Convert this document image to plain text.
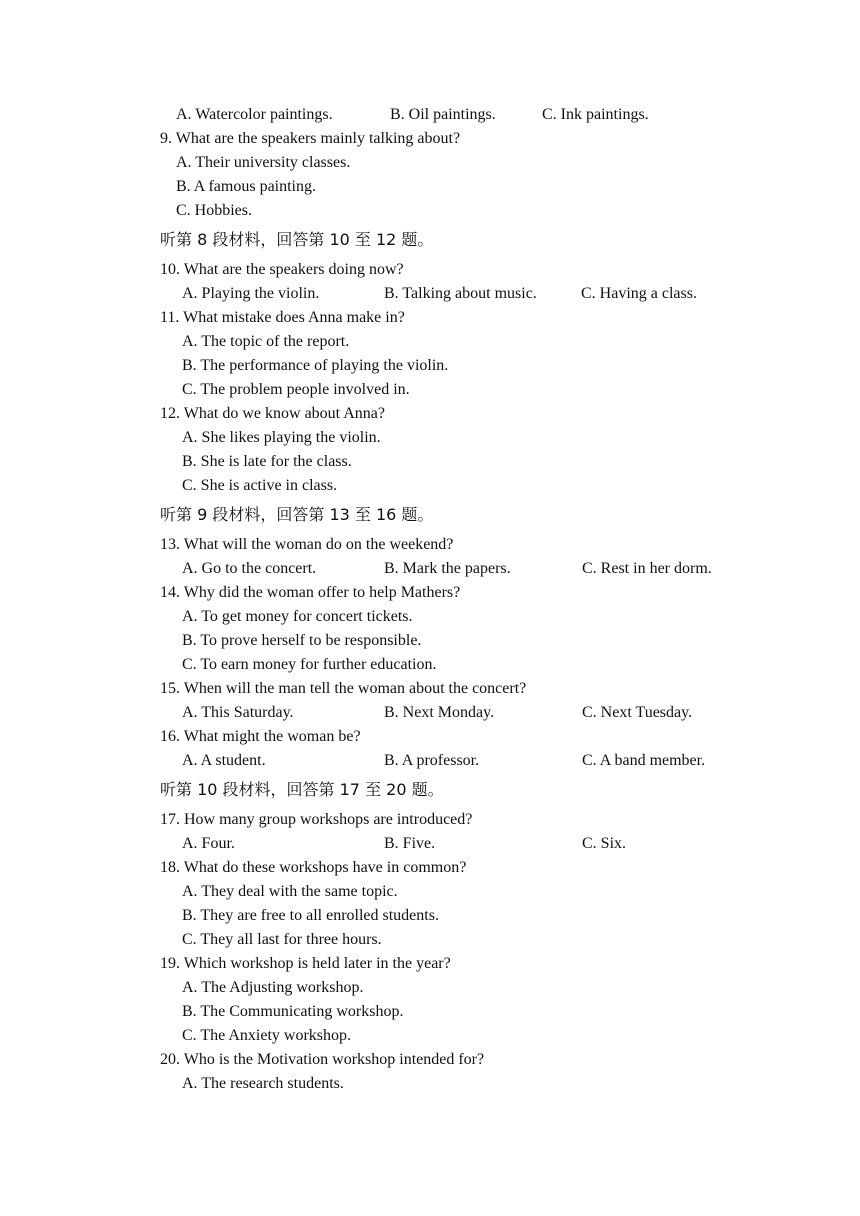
A. Watercolor paintings.	B. Oil paintings.	C. Ink paintings.
9. What are the speakers mainly talking about?
A. Their university classes.
B. A famous painting.
C. Hobbies.
听第 8 段材料，回答第 10 至 12 题。
10. What are the speakers doing now?
A. Playing the violin.	B. Talking about music.	C. Having a class.
11. What mistake does Anna make in?
A. The topic of the report.
B. The performance of playing the violin.
C. The problem people involved in.
12. What do we know about Anna?
A. She likes playing the violin.
B. She is late for the class.
C. She is active in class.
听第 9 段材料，回答第 13 至 16 题。
13. What will the woman do on the weekend?
A. Go to the concert.	B. Mark the papers.	C. Rest in her dorm.
14. Why did the woman offer to help Mathers?
A. To get money for concert tickets.
B. To prove herself to be responsible.
C. To earn money for further education.
15. When will the man tell the woman about the concert?
A. This Saturday.	B. Next Monday.	C. Next Tuesday.
16. What might the woman be?
A. A student.	B. A professor.	C. A band member.
听第 10 段材料，回答第 17 至 20 题。
17. How many group workshops are introduced?
A. Four.	B. Five.	C. Six.
18. What do these workshops have in common?
A. They deal with the same topic.
B. They are free to all enrolled students.
C. They all last for three hours.
19. Which workshop is held later in the year?
A. The Adjusting workshop.
B. The Communicating workshop.
C. The Anxiety workshop.
20. Who is the Motivation workshop intended for?
A. The research students.
